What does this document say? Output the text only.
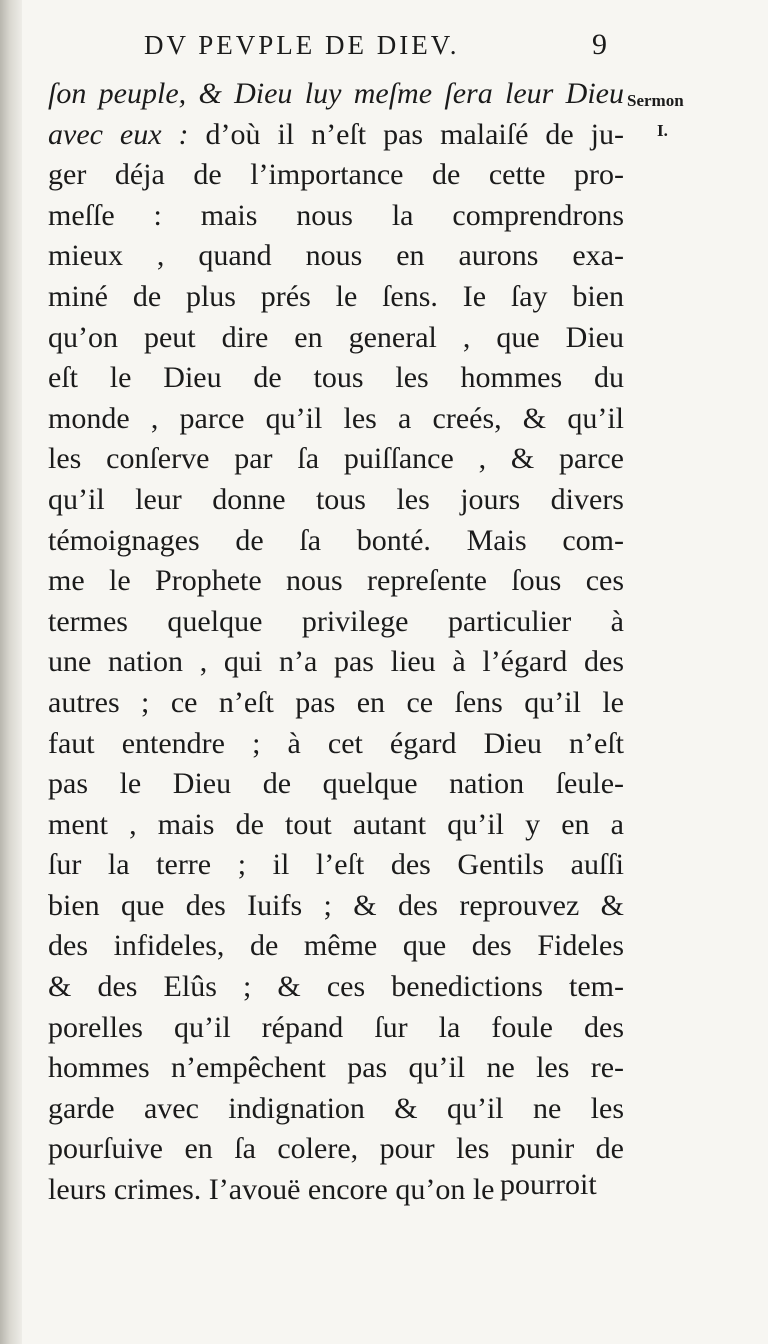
DV PEVPLE DE DIEV.	9
Sermon
I.
ſon peuple, & Dieu luy meſme ſera leur Dieu
avec eux : d’où il n’eſt pas malaiſé de ju-
ger déja de l’importance de cette pro-
meſſe : mais nous la comprendrons
mieux , quand nous en aurons exa-
miné de plus prés le ſens. Ie ſay bien
qu’on peut dire en general , que Dieu
eſt le Dieu de tous les hommes du
monde , parce qu’il les a creés, & qu’il
les conſerve par ſa puiſſance , & parce
qu’il leur donne tous les jours divers
témoignages de ſa bonté. Mais com-
me le Prophete nous repreſente ſous ces
termes quelque privilege particulier à
une nation , qui n’a pas lieu à l’égard des
autres ; ce n’eſt pas en ce ſens qu’il le
faut entendre ; à cet égard Dieu n’eſt
pas le Dieu de quelque nation ſeule-
ment , mais de tout autant qu’il y en a
ſur la terre ; il l’eſt des Gentils auſſi
bien que des Iuifs ; & des reprouvez &
des infideles, de même que des Fideles
& des Elûs ; & ces benedictions tem-
porelles qu’il répand ſur la foule des
hommes n’empêchent pas qu’il ne les re-
garde avec indignation & qu’il ne les
pourſuive en ſa colere, pour les punir de
leurs crimes. I’avouë encore qu’on le pourroit
